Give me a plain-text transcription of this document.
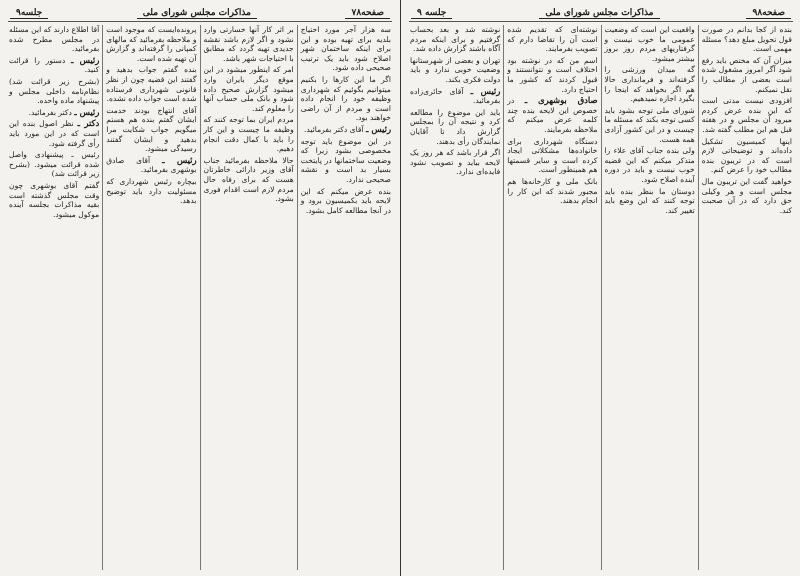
صفحه۷۸
مذاکرات مجلس شورای ملی
جلسه۹

سه هزار آجر مورد احتیاج بلدیه برای تهیه بوده و این برای اینکه ساختمان شهر اصلاح شود باید یک ترتیب صحیحی داده شود.

اگر ما این کارها را بکنیم میتوانیم بگوئیم که شهرداری وظیفه خود را انجام داده است و مردم از آن راضی خواهند بود.

رئیس ـ آقای دکتر بفرمائید.

در این موضوع باید توجه مخصوصی بشود زیرا که وضعیت ساختمانها در پایتخت بسیار بد است و نقشه صحیحی ندارد.

بنده عرض میکنم که این لایحه باید بکمیسیون برود و در آنجا مطالعه کامل بشود.

بر اثر کار آنها خسارتی وارد نشود و اگر لازم باشد نقشه جدیدی تهیه گردد که مطابق با احتیاجات شهر باشد.

امر که اینطور میشود در این موقع دیگر بایران وارد میشود گزارش صحیح داده شود و بانک ملی حساب آنها را معلوم کند.

مردم ایران بما توجه کنند که وظیفه ما چیست و این کار را باید با کمال دقت انجام دهیم.

حالا ملاحظه بفرمائید جناب آقای وزیر دارائی خاطرتان هست که برای رفاه حال مردم لازم است اقدام فوری بشود.

پرونده‌ایست که موجود است و ملاحظه بفرمائید که مالهای کمپانی را گرفته‌اند و گزارش آن تهیه شده است.

بنده گفتم جواب بدهید و گفتند این قضیه چون از نظر قانونی شهرداری فرستاده شده است جواب داده نشده.

آقای انتهاج بودند خدمت ایشان گفتم بنده هم هستم میگویم جواب شکایت مرا بدهید و ایشان گفتند رسیدگی میشود.

رئیس ـ آقای صادق بوشهری بفرمائید.

بیچاره رئیس شهرداری که مسئولیت دارد باید توضیح بدهد.

آقا اطلاع دارند که این مسئله در مجلس مطرح شده بفرمائید.

رئیس ـ دستور را قرائت کنید.

(بشرح زیر قرائت شد) نظام‌نامه داخلی مجلس و پیشنهاد ماده واحده.

رئیس ـ دکتر بفرمائید.

دکتر ـ نظر اصول بنده این است که در این مورد باید رأی گرفته شود.

رئیس ـ پیشنهادی واصل شده قرائت میشود. (بشرح زیر قرائت شد)

گفتم آقای بوشهری چون وقت مجلس گذشته است بقیه مذاکرات بجلسه آینده موکول میشود.

صفحه۹۸
مذاکرات مجلس شورای ملی
جلسه ۹

بنده از کجا بدانم در صورت قول تحویل مبلغ دهد؟ مسئله مهمی است.

میزان آن که مختص باید رفع شود آگر امروز مشغول شده است بعضی از مطالب را نقل نمیکنم.

افزودی نیست مدتی است که این بنده عرض کردم میرود آن مجلس و در هفته قبل هم این مطلب گفته شد.

اینها کمیسیون تشکیل داده‌اند و توضیحاتی لازم است که در تریبون بنده مطالب خود را عرض کنم.

خواهید گفت این تریبون مال مجلس است و هر وکیلی حق دارد که در آن صحبت کند.

واقعیت این است که وضعیت عمومی ما خوب نیست و گرفتاریهای مردم روز بروز بیشتر میشود.

گه میدان ورزشی را گرفته‌اند و فرمانداری حالا هم اگر بخواهد که اینجا را بگیرد اجازه نمیدهیم.

شورای ملی توجه بشود باید کسی توجه بکند که مسئله ما چیست و در این کشور آزادی همه هست.

ولی بنده جناب آقای علاء را متذکر میکنم که این قضیه خوب نیست و باید در دوره آینده اصلاح شود.

دوستان ما بنظر بنده باید توجه کنند که این وضع باید تغییر کند.

نوشته‌ای که تقدیم شده است آن را تقاضا دارم که تصویب بفرمایند.

اسم من که در نوشته بود اختلاف است و نتوانستند و قبول کردند که کشور ما احتیاج دارد.

صادق بوشهری ـ در خصوص این لایحه بنده چند کلمه عرض میکنم که ملاحظه بفرمایند.

دستگاه شهرداری برای خانواده‌ها مشکلاتی ایجاد کرده است و سایر قسمتها هم همینطور است.

بانک ملی و کارخانه‌ها هم مجبور شدند که این کار را انجام بدهند.

نوشته شد و بعد بحساب گرفتیم و برای اینکه مردم آگاه باشند گزارش داده شد.

تهران و بعضی از شهرستانها وضعیت خوبی ندارد و باید دولت فکری بکند.

رئیس ـ آقای حائری‌زاده بفرمائید.

باید این موضوع را مطالعه کرد و نتیجه آن را بمجلس گزارش داد تا آقایان نمایندگان رأی بدهند.

اگر قرار باشد که هر روز یک لایحه بیاید و تصویب نشود فایده‌ای ندارد.
